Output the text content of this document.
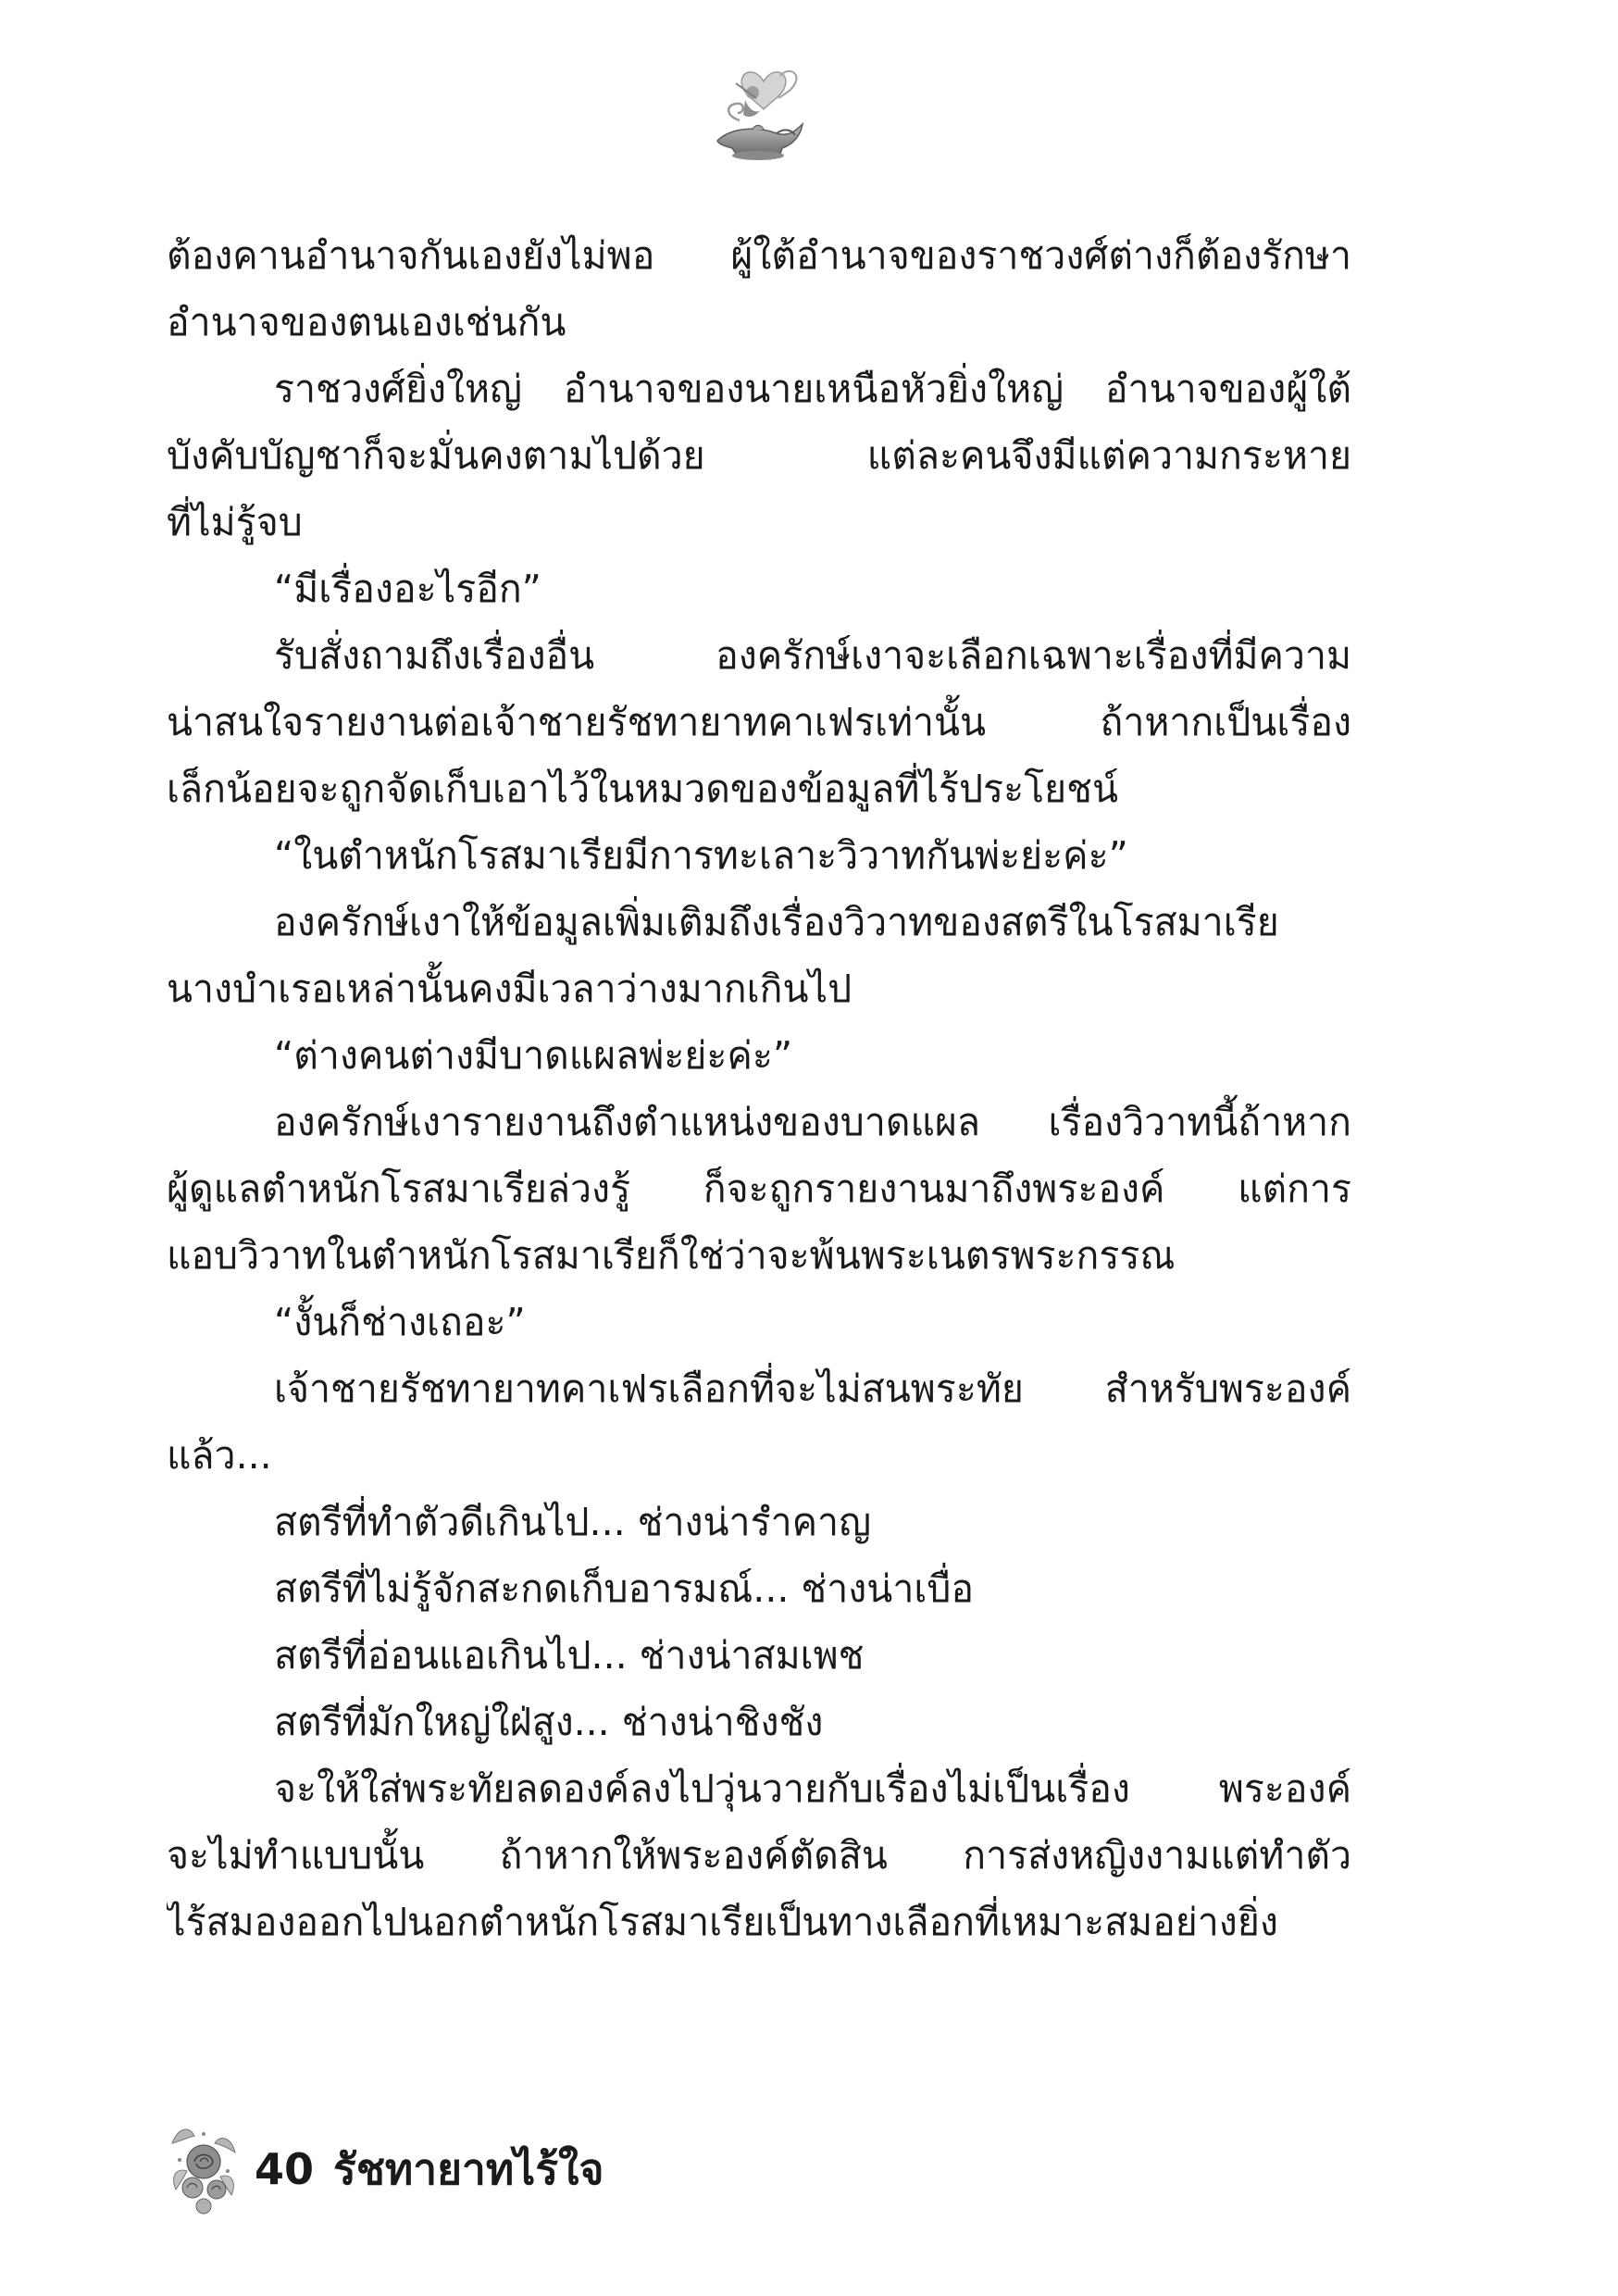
ต้องคานอำนาจกันเองยังไม่พอ ผู้ใต้อำนาจของราชวงศ์ต่างก็ต้องรักษา
อำนาจของตนเองเช่นกัน
ราชวงศ์ยิ่งใหญ่ อำนาจของนายเหนือหัวยิ่งใหญ่ อำนาจของผู้ใต้
บังคับบัญชาก็จะมั่นคงตามไปด้วย แต่ละคนจึงมีแต่ความกระหาย
ที่ไม่รู้จบ
“มีเรื่องอะไรอีก”
รับสั่งถามถึงเรื่องอื่น องครักษ์เงาจะเลือกเฉพาะเรื่องที่มีความ
น่าสนใจรายงานต่อเจ้าชายรัชทายาทคาเฟรเท่านั้น ถ้าหากเป็นเรื่อง
เล็กน้อยจะถูกจัดเก็บเอาไว้ในหมวดของข้อมูลที่ไร้ประโยชน์
“ในตำหนักโรสมาเรียมีการทะเลาะวิวาทกันพ่ะย่ะค่ะ”
องครักษ์เงาให้ข้อมูลเพิ่มเติมถึงเรื่องวิวาทของสตรีในโรสมาเรีย
นางบำเรอเหล่านั้นคงมีเวลาว่างมากเกินไป
“ต่างคนต่างมีบาดแผลพ่ะย่ะค่ะ”
องครักษ์เงารายงานถึงตำแหน่งของบาดแผล เรื่องวิวาทนี้ถ้าหาก
ผู้ดูแลตำหนักโรสมาเรียล่วงรู้ ก็จะถูกรายงานมาถึงพระองค์ แต่การ
แอบวิวาทในตำหนักโรสมาเรียก็ใช่ว่าจะพ้นพระเนตรพระกรรณ
“งั้นก็ช่างเถอะ”
เจ้าชายรัชทายาทคาเฟรเลือกที่จะไม่สนพระทัย สำหรับพระองค์
แล้ว...
สตรีที่ทำตัวดีเกินไป... ช่างน่ารำคาญ
สตรีที่ไม่รู้จักสะกดเก็บอารมณ์... ช่างน่าเบื่อ
สตรีที่อ่อนแอเกินไป... ช่างน่าสมเพช
สตรีที่มักใหญ่ใฝ่สูง... ช่างน่าชิงชัง
จะให้ใส่พระทัยลดองค์ลงไปวุ่นวายกับเรื่องไม่เป็นเรื่อง พระองค์
จะไม่ทำแบบนั้น ถ้าหากให้พระองค์ตัดสิน การส่งหญิงงามแต่ทำตัว
ไร้สมองออกไปนอกตำหนักโรสมาเรียเป็นทางเลือกที่เหมาะสมอย่างยิ่ง
40 รัชทายาทไร้ใจ
